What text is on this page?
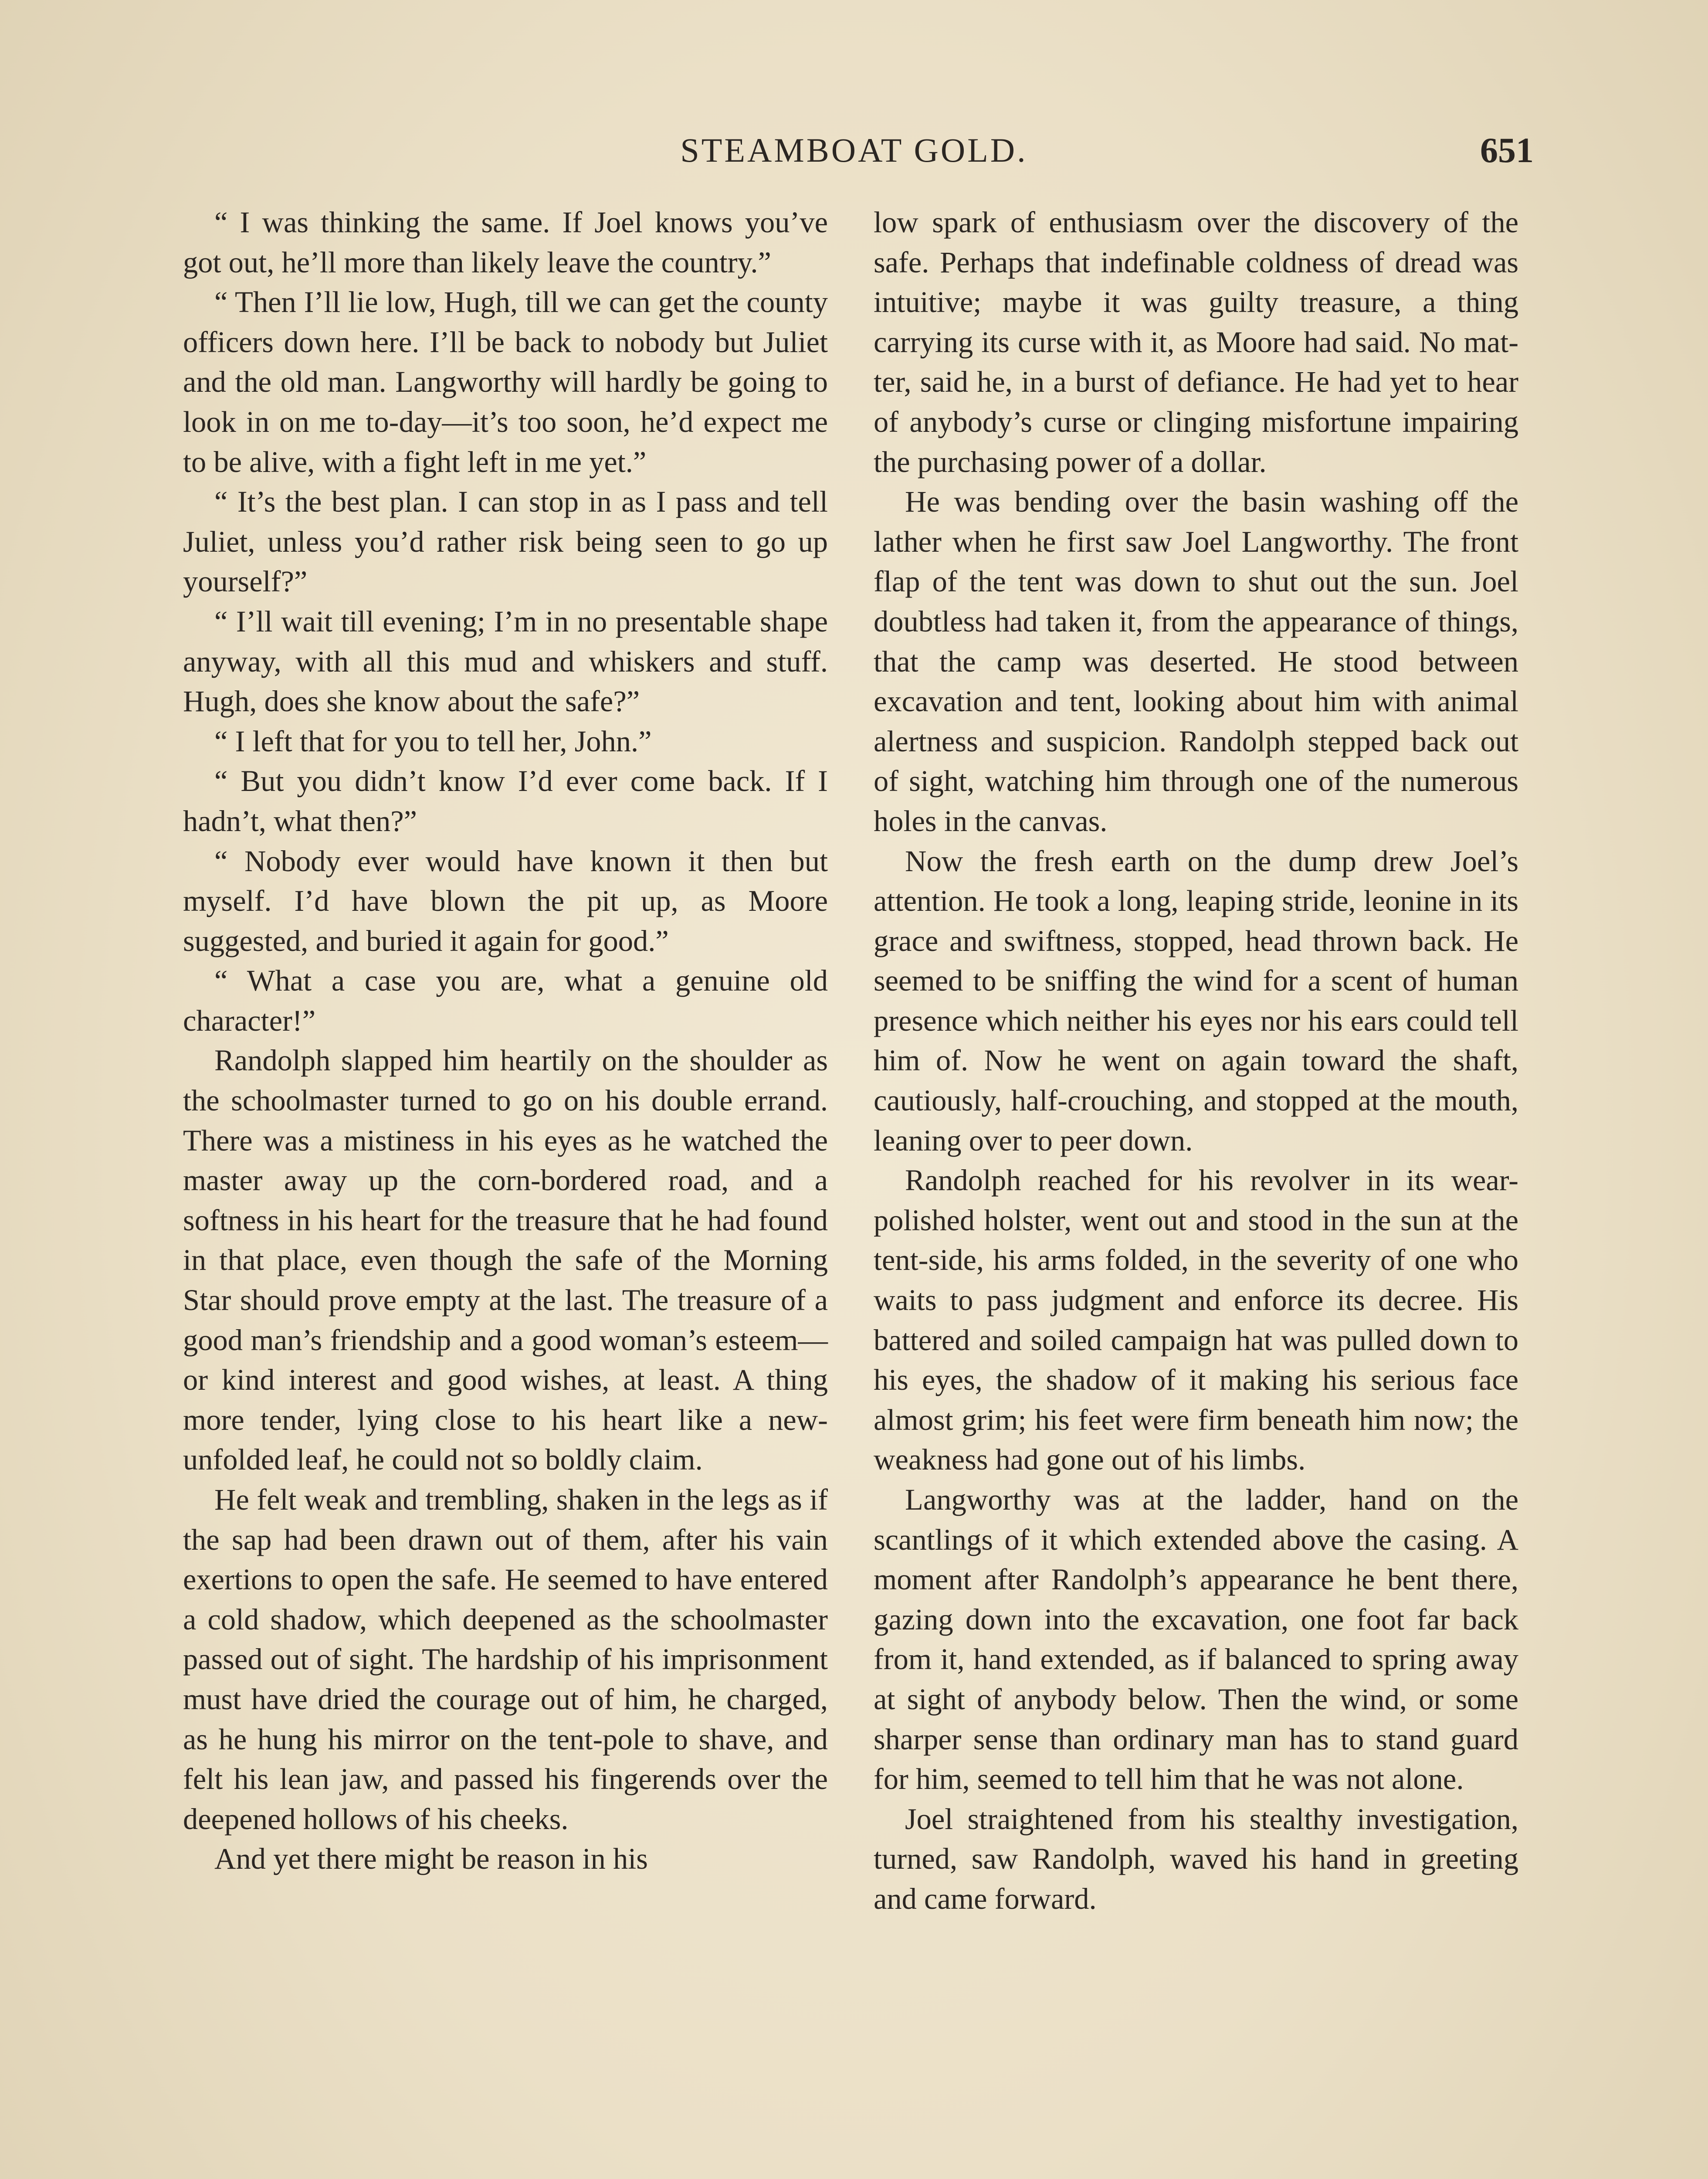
STEAMBOAT GOLD.	651

“ I was thinking the same. If Joel knows you’ve got out, he’ll more than likely leave the country.”

“ Then I’ll lie low, Hugh, till we can get the county officers down here. I’ll be back to nobody but Juliet and the old man. Langworthy will hardly be going to look in on me to-day—it’s too soon, he’d expect me to be alive, with a fight left in me yet.”

“ It’s the best plan. I can stop in as I pass and tell Juliet, unless you’d rather risk being seen to go up yourself?”

“ I’ll wait till evening; I’m in no presentable shape anyway, with all this mud and whiskers and stuff. Hugh, does she know about the safe?”

“ I left that for you to tell her, John.”

“ But you didn’t know I’d ever come back. If I hadn’t, what then?”

“ Nobody ever would have known it then but myself. I’d have blown the pit up, as Moore suggested, and buried it again for good.”

“ What a case you are, what a genuine old character!”

Randolph slapped him heartily on the shoulder as the schoolmaster turned to go on his double errand. There was a mistiness in his eyes as he watched the master away up the corn-bordered road, and a softness in his heart for the treasure that he had found in that place, even though the safe of the Morning Star should prove empty at the last. The treasure of a good man’s friendship and a good woman’s esteem—or kind interest and good wishes, at least. A thing more tender, lying close to his heart like a new-unfolded leaf, he could not so boldly claim.

He felt weak and trembling, shaken in the legs as if the sap had been drawn out of them, after his vain exertions to open the safe. He seemed to have entered a cold shadow, which deepened as the schoolmaster passed out of sight. The hardship of his imprisonment must have dried the courage out of him, he charged, as he hung his mirror on the tent-pole to shave, and felt his lean jaw, and passed his fingerends over the deepened hollows of his cheeks.

And yet there might be reason in his

low spark of enthusiasm over the discovery of the safe. Perhaps that indefinable coldness of dread was intuitive; maybe it was guilty treasure, a thing carrying its curse with it, as Moore had said. No matter, said he, in a burst of defiance. He had yet to hear of anybody’s curse or clinging misfortune impairing the purchasing power of a dollar.

He was bending over the basin washing off the lather when he first saw Joel Langworthy. The front flap of the tent was down to shut out the sun. Joel doubtless had taken it, from the appearance of things, that the camp was deserted. He stood between excavation and tent, looking about him with animal alertness and suspicion. Randolph stepped back out of sight, watching him through one of the numerous holes in the canvas.

Now the fresh earth on the dump drew Joel’s attention. He took a long, leaping stride, leonine in its grace and swiftness, stopped, head thrown back. He seemed to be sniffing the wind for a scent of human presence which neither his eyes nor his ears could tell him of. Now he went on again toward the shaft, cautiously, half-crouching, and stopped at the mouth, leaning over to peer down.

Randolph reached for his revolver in its wear-polished holster, went out and stood in the sun at the tent-side, his arms folded, in the severity of one who waits to pass judgment and enforce its decree. His battered and soiled campaign hat was pulled down to his eyes, the shadow of it making his serious face almost grim; his feet were firm beneath him now; the weakness had gone out of his limbs.

Langworthy was at the ladder, hand on the scantlings of it which extended above the casing. A moment after Randolph’s appearance he bent there, gazing down into the excavation, one foot far back from it, hand extended, as if balanced to spring away at sight of anybody below. Then the wind, or some sharper sense than ordinary man has to stand guard for him, seemed to tell him that he was not alone.

Joel straightened from his stealthy investigation, turned, saw Randolph, waved his hand in greeting and came forward.
